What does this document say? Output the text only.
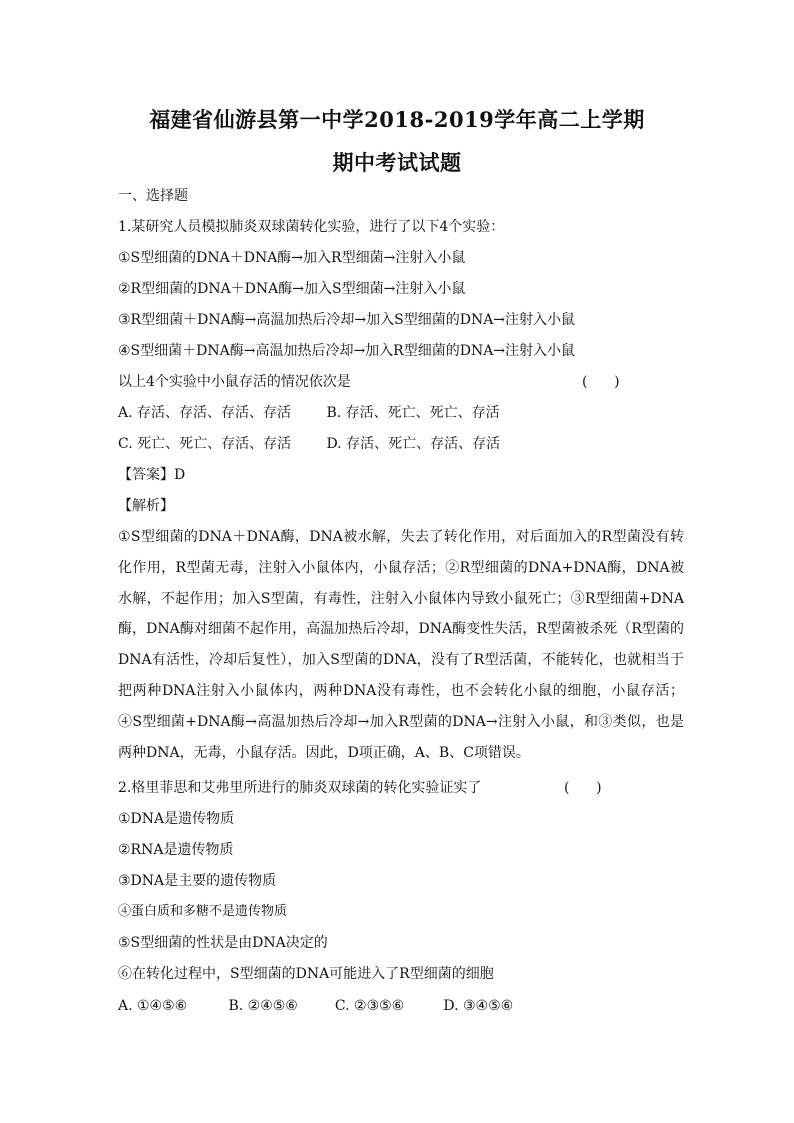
福建省仙游县第一中学2018-2019学年高二上学期
期中考试试题
一、选择题
1.某研究人员模拟肺炎双球菌转化实验，进行了以下4个实验：
①S型细菌的DNA＋DNA酶→加入R型细菌→注射入小鼠
②R型细菌的DNA＋DNA酶→加入S型细菌→注射入小鼠
③R型细菌＋DNA酶→高温加热后冷却→加入S型细菌的DNA→注射入小鼠
④S型细菌＋DNA酶→高温加热后冷却→加入R型细菌的DNA→注射入小鼠
以上4个实验中小鼠存活的情况依次是	(      )
A. 存活、存活、存活、存活	B. 存活、死亡、死亡、存活
C. 死亡、死亡、存活、存活	D. 存活、死亡、存活、存活
【答案】D
【解析】
①S型细菌的DNA＋DNA酶，DNA被水解，失去了转化作用，对后面加入的R型菌没有转化作用，R型菌无毒，注射入小鼠体内，小鼠存活；②R型细菌的DNA+DNA酶，DNA被水解，不起作用；加入S型菌，有毒性，注射入小鼠体内导致小鼠死亡；③R型细菌+DNA酶，DNA酶对细菌不起作用，高温加热后冷却，DNA酶变性失活，R型菌被杀死（R型菌的DNA有活性，冷却后复性），加入S型菌的DNA，没有了R型活菌，不能转化，也就相当于把两种DNA注射入小鼠体内，两种DNA没有毒性，也不会转化小鼠的细胞，小鼠存活；④S型细菌+DNA酶→高温加热后冷却→加入R型菌的DNA→注射入小鼠，和③类似，也是两种DNA，无毒，小鼠存活。因此，D项正确，A、B、C项错误。
2.格里菲思和艾弗里所进行的肺炎双球菌的转化实验证实了	(      )
①DNA是遗传物质
②RNA是遗传物质
③DNA是主要的遗传物质
④蛋白质和多糖不是遗传物质
⑤S型细菌的性状是由DNA决定的
⑥在转化过程中，S型细菌的DNA可能进入了R型细菌的细胞
A. ①④⑤⑥	B. ②④⑤⑥	C. ②③⑤⑥	D. ③④⑤⑥
